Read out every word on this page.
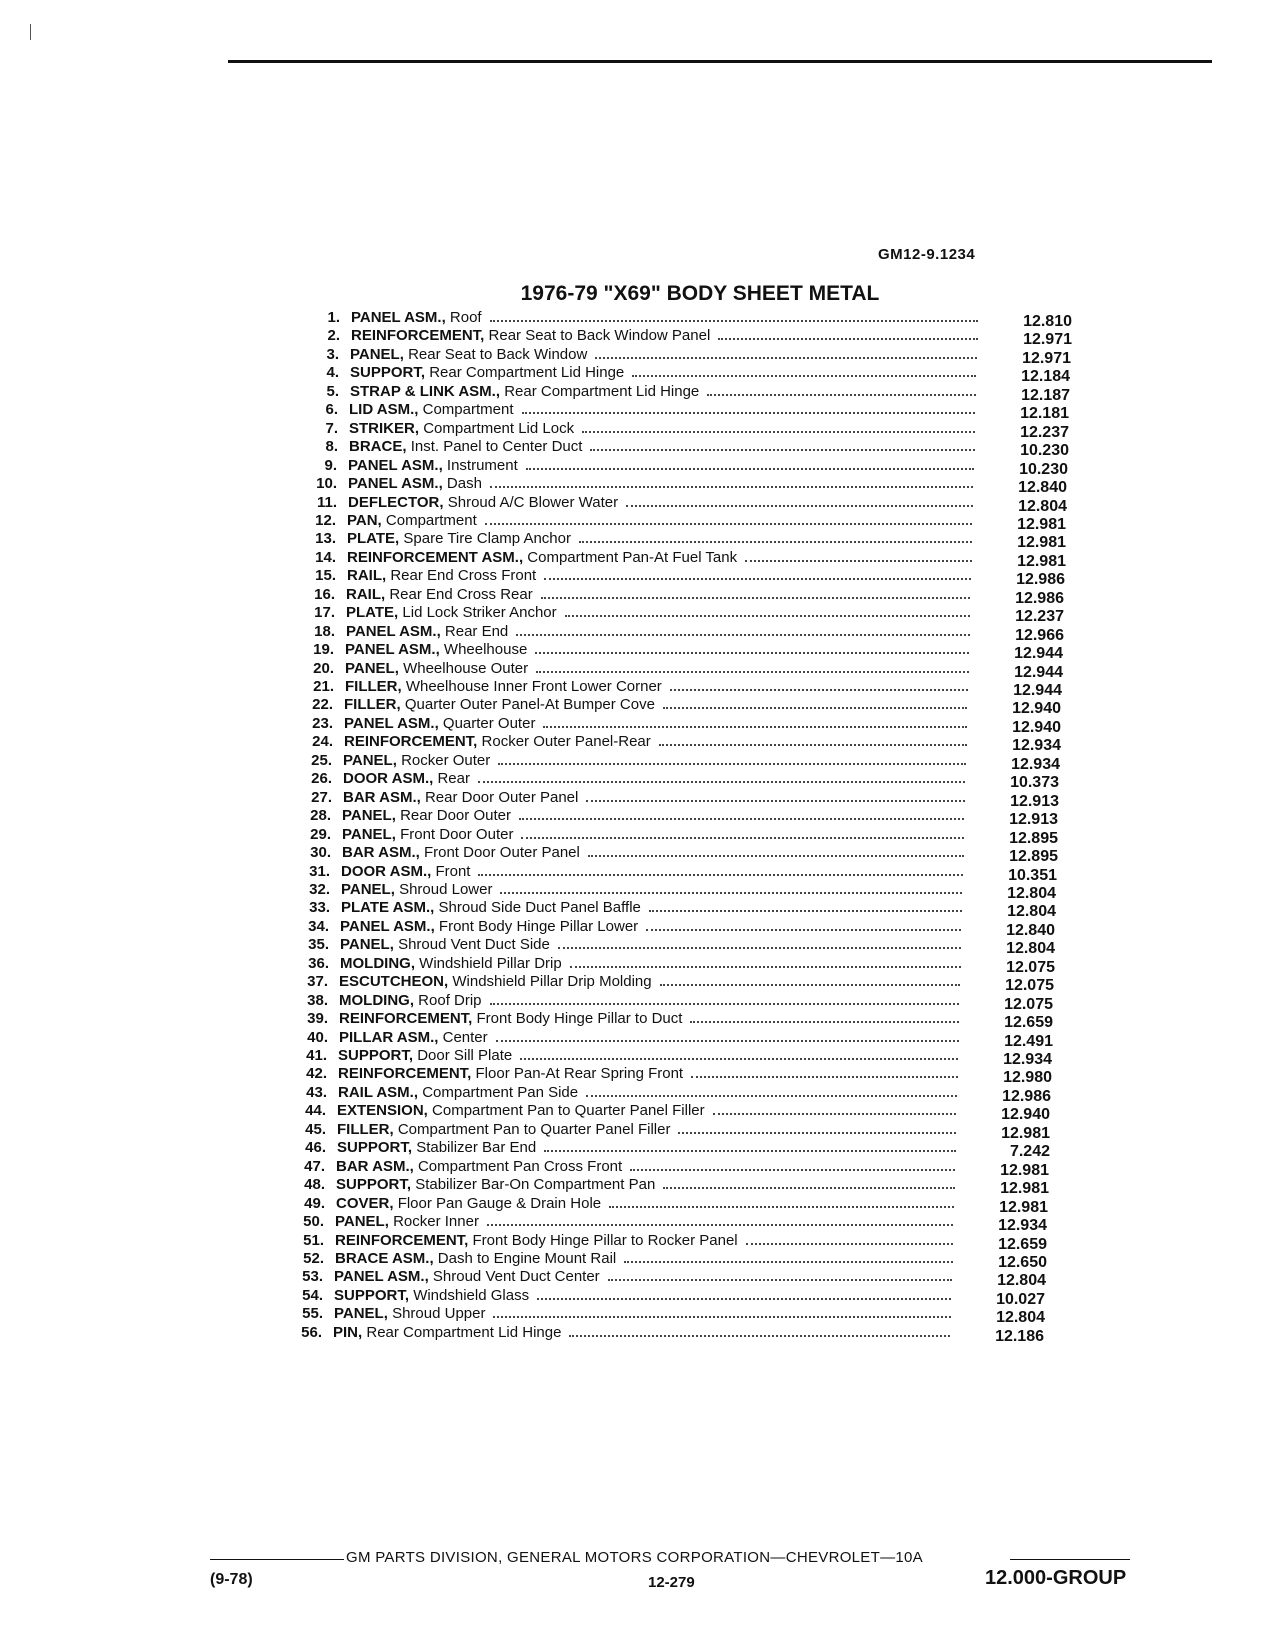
GM12-9.1234
1976-79 "X69" BODY SHEET METAL
1. PANEL ASM., Roof	12.810
2. REINFORCEMENT, Rear Seat to Back Window Panel	12.971
3. PANEL, Rear Seat to Back Window	12.971
4. SUPPORT, Rear Compartment Lid Hinge	12.184
5. STRAP & LINK ASM., Rear Compartment Lid Hinge	12.187
6. LID ASM., Compartment	12.181
7. STRIKER, Compartment Lid Lock	12.237
8. BRACE, Inst. Panel to Center Duct	10.230
9. PANEL ASM., Instrument	10.230
10. PANEL ASM., Dash	12.840
11. DEFLECTOR, Shroud A/C Blower Water	12.804
12. PAN, Compartment	12.981
13. PLATE, Spare Tire Clamp Anchor	12.981
14. REINFORCEMENT ASM., Compartment Pan-At Fuel Tank	12.981
15. RAIL, Rear End Cross Front	12.986
16. RAIL, Rear End Cross Rear	12.986
17. PLATE, Lid Lock Striker Anchor	12.237
18. PANEL ASM., Rear End	12.966
19. PANEL ASM., Wheelhouse	12.944
20. PANEL, Wheelhouse Outer	12.944
21. FILLER, Wheelhouse Inner Front Lower Corner	12.944
22. FILLER, Quarter Outer Panel-At Bumper Cove	12.940
23. PANEL ASM., Quarter Outer	12.940
24. REINFORCEMENT, Rocker Outer Panel-Rear	12.934
25. PANEL, Rocker Outer	12.934
26. DOOR ASM., Rear	10.373
27. BAR ASM., Rear Door Outer Panel	12.913
28. PANEL, Rear Door Outer	12.913
29. PANEL, Front Door Outer	12.895
30. BAR ASM., Front Door Outer Panel	12.895
31. DOOR ASM., Front	10.351
32. PANEL, Shroud Lower	12.804
33. PLATE ASM., Shroud Side Duct Panel Baffle	12.804
34. PANEL ASM., Front Body Hinge Pillar Lower	12.840
35. PANEL, Shroud Vent Duct Side	12.804
36. MOLDING, Windshield Pillar Drip	12.075
37. ESCUTCHEON, Windshield Pillar Drip Molding	12.075
38. MOLDING, Roof Drip	12.075
39. REINFORCEMENT, Front Body Hinge Pillar to Duct	12.659
40. PILLAR ASM., Center	12.491
41. SUPPORT, Door Sill Plate	12.934
42. REINFORCEMENT, Floor Pan-At Rear Spring Front	12.980
43. RAIL ASM., Compartment Pan Side	12.986
44. EXTENSION, Compartment Pan to Quarter Panel Filler	12.940
45. FILLER, Compartment Pan to Quarter Panel Filler	12.981
46. SUPPORT, Stabilizer Bar End	7.242
47. BAR ASM., Compartment Pan Cross Front	12.981
48. SUPPORT, Stabilizer Bar-On Compartment Pan	12.981
49. COVER, Floor Pan Gauge & Drain Hole	12.981
50. PANEL, Rocker Inner	12.934
51. REINFORCEMENT, Front Body Hinge Pillar to Rocker Panel	12.659
52. BRACE ASM., Dash to Engine Mount Rail	12.650
53. PANEL ASM., Shroud Vent Duct Center	12.804
54. SUPPORT, Windshield Glass	10.027
55. PANEL, Shroud Upper	12.804
56. PIN, Rear Compartment Lid Hinge	12.186
GM PARTS DIVISION, GENERAL MOTORS CORPORATION—CHEVROLET—10A
(9-78)	12-279	12.000-GROUP
